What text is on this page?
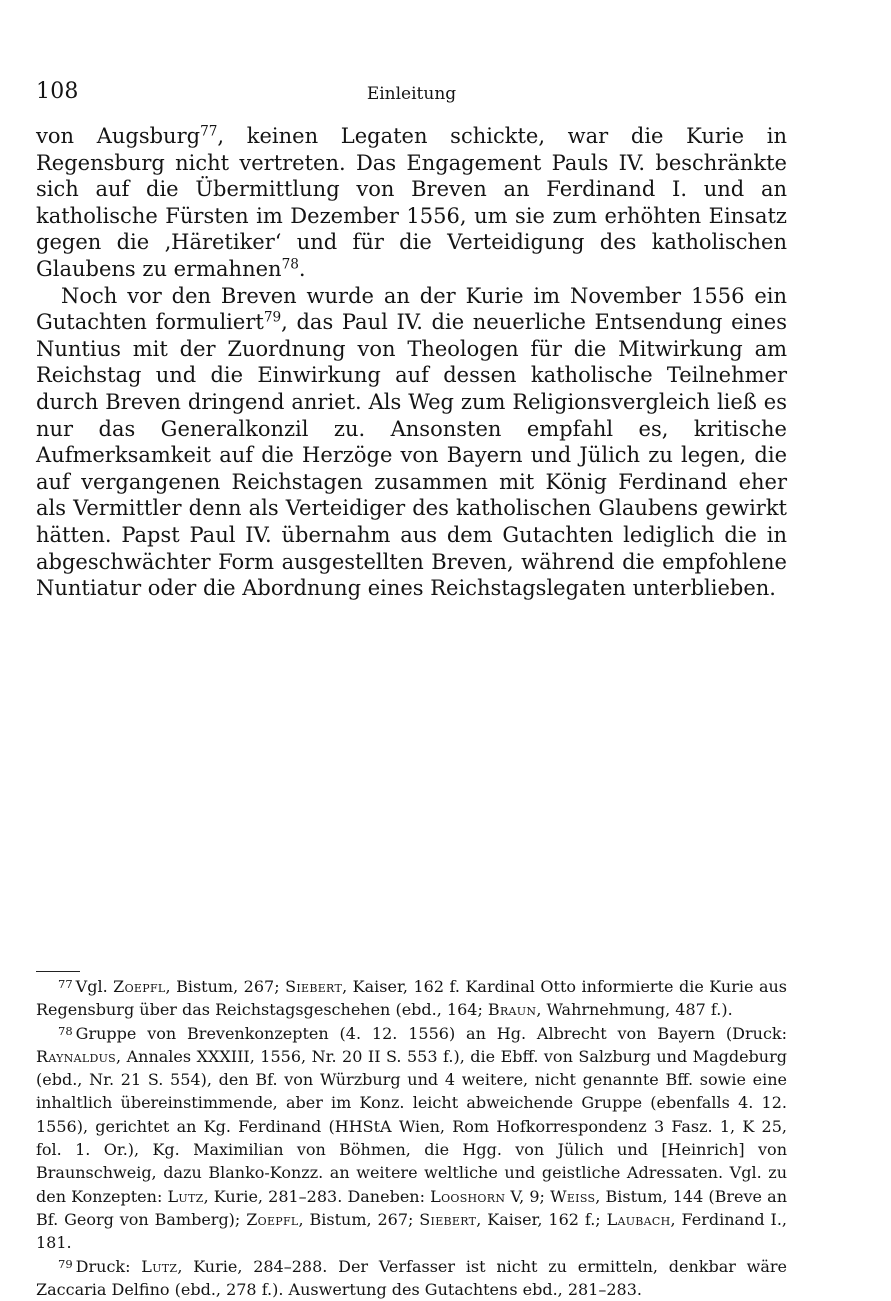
108	Einleitung

von Augsburg$^{77}$, keinen Legaten schickte, war die Kurie in Regensburg nicht vertreten. Das Engagement Pauls IV. beschränkte sich auf die Übermittlung von Breven an Ferdinand I. und an katholische Fürsten im Dezember 1556, um sie zum erhöhten Einsatz gegen die ‚Häretiker‘ und für die Verteidigung des katholischen Glaubens zu ermahnen$^{78}$.

Noch vor den Breven wurde an der Kurie im November 1556 ein Gutachten formuliert$^{79}$, das Paul IV. die neuerliche Entsendung eines Nuntius mit der Zuordnung von Theologen für die Mitwirkung am Reichstag und die Einwirkung auf dessen katholische Teilnehmer durch Breven dringend anriet. Als Weg zum Religionsvergleich ließ es nur das Generalkonzil zu. Ansonsten empfahl es, kritische Aufmerksamkeit auf die Herzöge von Bayern und Jülich zu legen, die auf vergangenen Reichstagen zusammen mit König Ferdinand eher als Vermittler denn als Verteidiger des katholischen Glaubens gewirkt hätten. Papst Paul IV. übernahm aus dem Gutachten lediglich die in abgeschwächter Form ausgestellten Breven, während die empfohlene Nuntiatur oder die Abordnung eines Reichstagslegaten unterblieben.

$^{77}$ Vgl. Zoepfl, Bistum, 267; Siebert, Kaiser, 162 f. Kardinal Otto informierte die Kurie aus Regensburg über das Reichstagsgeschehen (ebd., 164; Braun, Wahrnehmung, 487 f.).

$^{78}$ Gruppe von Brevenkonzepten (4. 12. 1556) an Hg. Albrecht von Bayern (Druck: Raynaldus, Annales XXXIII, 1556, Nr. 20 II S. 553 f.), die Ebff. von Salzburg und Magdeburg (ebd., Nr. 21 S. 554), den Bf. von Würzburg und 4 weitere, nicht genannte Bff. sowie eine inhaltlich übereinstimmende, aber im Konz. leicht abweichende Gruppe (ebenfalls 4. 12. 1556), gerichtet an Kg. Ferdinand (HHStA Wien, Rom Hofkorrespondenz 3 Fasz. 1, K 25, fol. 1. Or.), Kg. Maximilian von Böhmen, die Hgg. von Jülich und [Heinrich] von Braunschweig, dazu Blanko-Konzz. an weitere weltliche und geistliche Adressaten. Vgl. zu den Konzepten: Lutz, Kurie, 281–283. Daneben: Looshorn V, 9; Weiss, Bistum, 144 (Breve an Bf. Georg von Bamberg); Zoepfl, Bistum, 267; Siebert, Kaiser, 162 f.; Laubach, Ferdinand I., 181.

$^{79}$ Druck: Lutz, Kurie, 284–288. Der Verfasser ist nicht zu ermitteln, denkbar wäre Zaccaria Delfino (ebd., 278 f.). Auswertung des Gutachtens ebd., 281–283.
